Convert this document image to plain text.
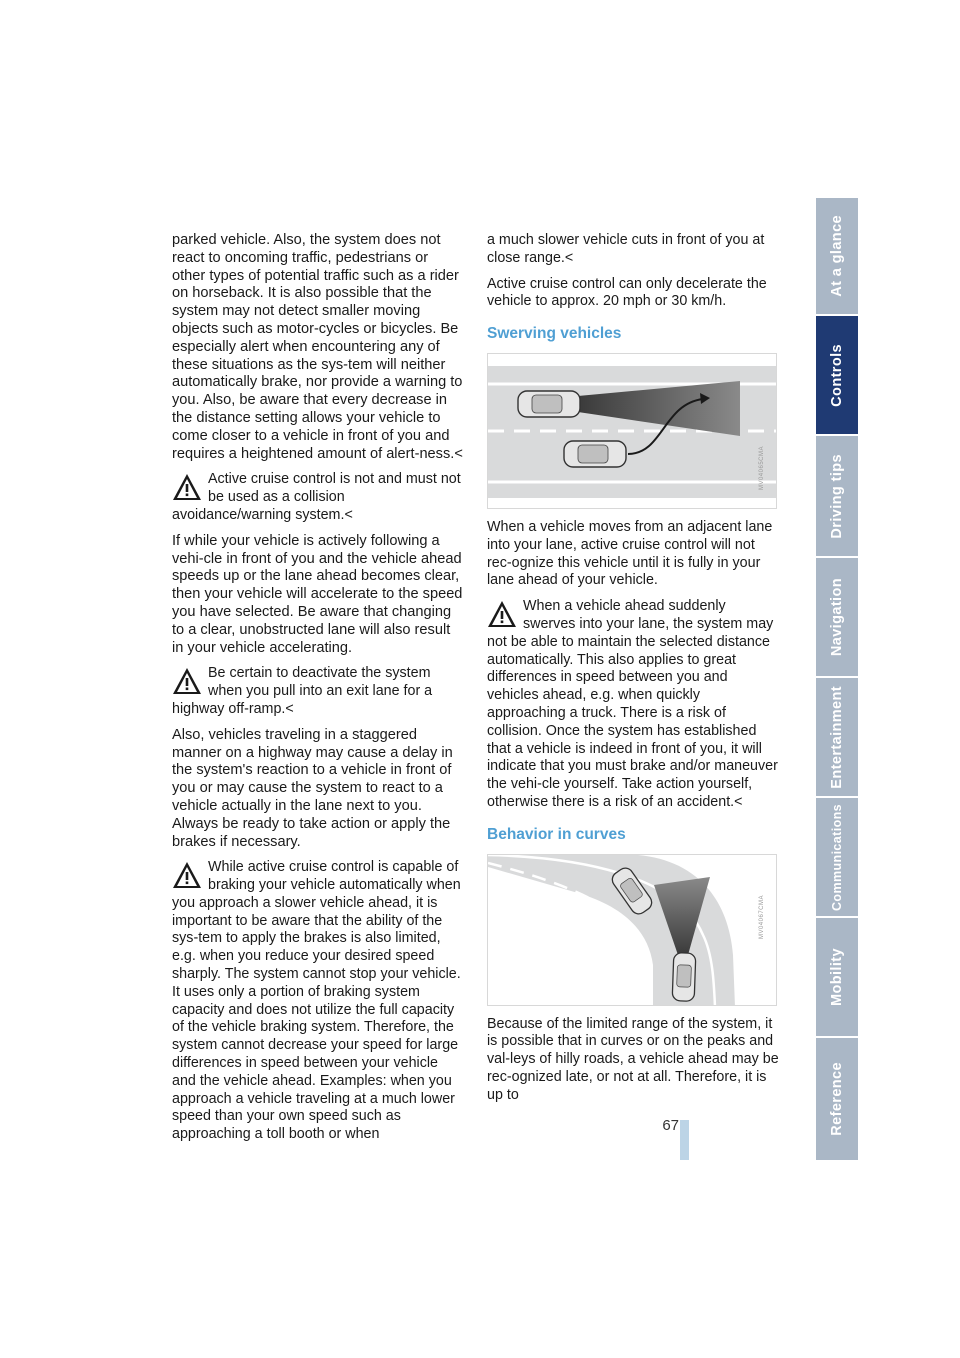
parked vehicle. Also, the system does not react to oncoming traffic, pedestrians or other types of potential traffic such as a rider on horseback. It is also possible that the system may not detect smaller moving objects such as motor-cycles or bicycles. Be especially alert when encountering any of these situations as the sys-tem will neither automatically brake, nor provide a warning to you. Also, be aware that every decrease in the distance setting allows your vehicle to come closer to a vehicle in front of you and requires a heightened amount of alert-ness.<

Active cruise control is not and must not be used as a collision avoidance/warning system.<

If while your vehicle is actively following a vehi-cle in front of you and the vehicle ahead speeds up or the lane ahead becomes clear, then your vehicle will accelerate to the speed you have selected. Be aware that changing to a clear, unobstructed lane will also result in your vehicle accelerating.

Be certain to deactivate the system when you pull into an exit lane for a highway off-ramp.<

Also, vehicles traveling in a staggered manner on a highway may cause a delay in the system's reaction to a vehicle in front of you or may cause the system to react to a vehicle actually in the lane next to you. Always be ready to take action or apply the brakes if necessary.

While active cruise control is capable of braking your vehicle automatically when you approach a slower vehicle ahead, it is important to be aware that the ability of the sys-tem to apply the brakes is also limited, e.g. when you reduce your desired speed sharply. The system cannot stop your vehicle. It uses only a portion of braking system capacity and does not utilize the full capacity of the vehicle braking system. Therefore, the system cannot decrease your speed for large differences in speed between your vehicle and the vehicle ahead. Examples: when you approach a vehicle traveling at a much lower speed than your own speed such as approaching a toll booth or when

a much slower vehicle cuts in front of you at close range.<

Active cruise control can only decelerate the vehicle to approx. 20 mph or 30 km/h.

Swerving vehicles
MV04065CMA

When a vehicle moves from an adjacent lane into your lane, active cruise control will not rec-ognize this vehicle until it is fully in your lane ahead of your vehicle.

When a vehicle ahead suddenly swerves into your lane, the system may not be able to maintain the selected distance automatically. This also applies to great differences in speed between you and vehicles ahead, e.g. when quickly approaching a truck. There is a risk of collision. Once the system has established that a vehicle is indeed in front of you, it will indicate that you must brake and/or maneuver the vehi-cle yourself. Take action yourself, otherwise there is a risk of an accident.<

Behavior in curves
MV04067CMA

Because of the limited range of the system, it is possible that in curves or on the peaks and val-leys of hilly roads, a vehicle ahead may be rec-ognized late, or not at all. Therefore, it is up to

At a glance
Controls
Driving tips
Navigation
Entertainment
Communications
Mobility
Reference
67
